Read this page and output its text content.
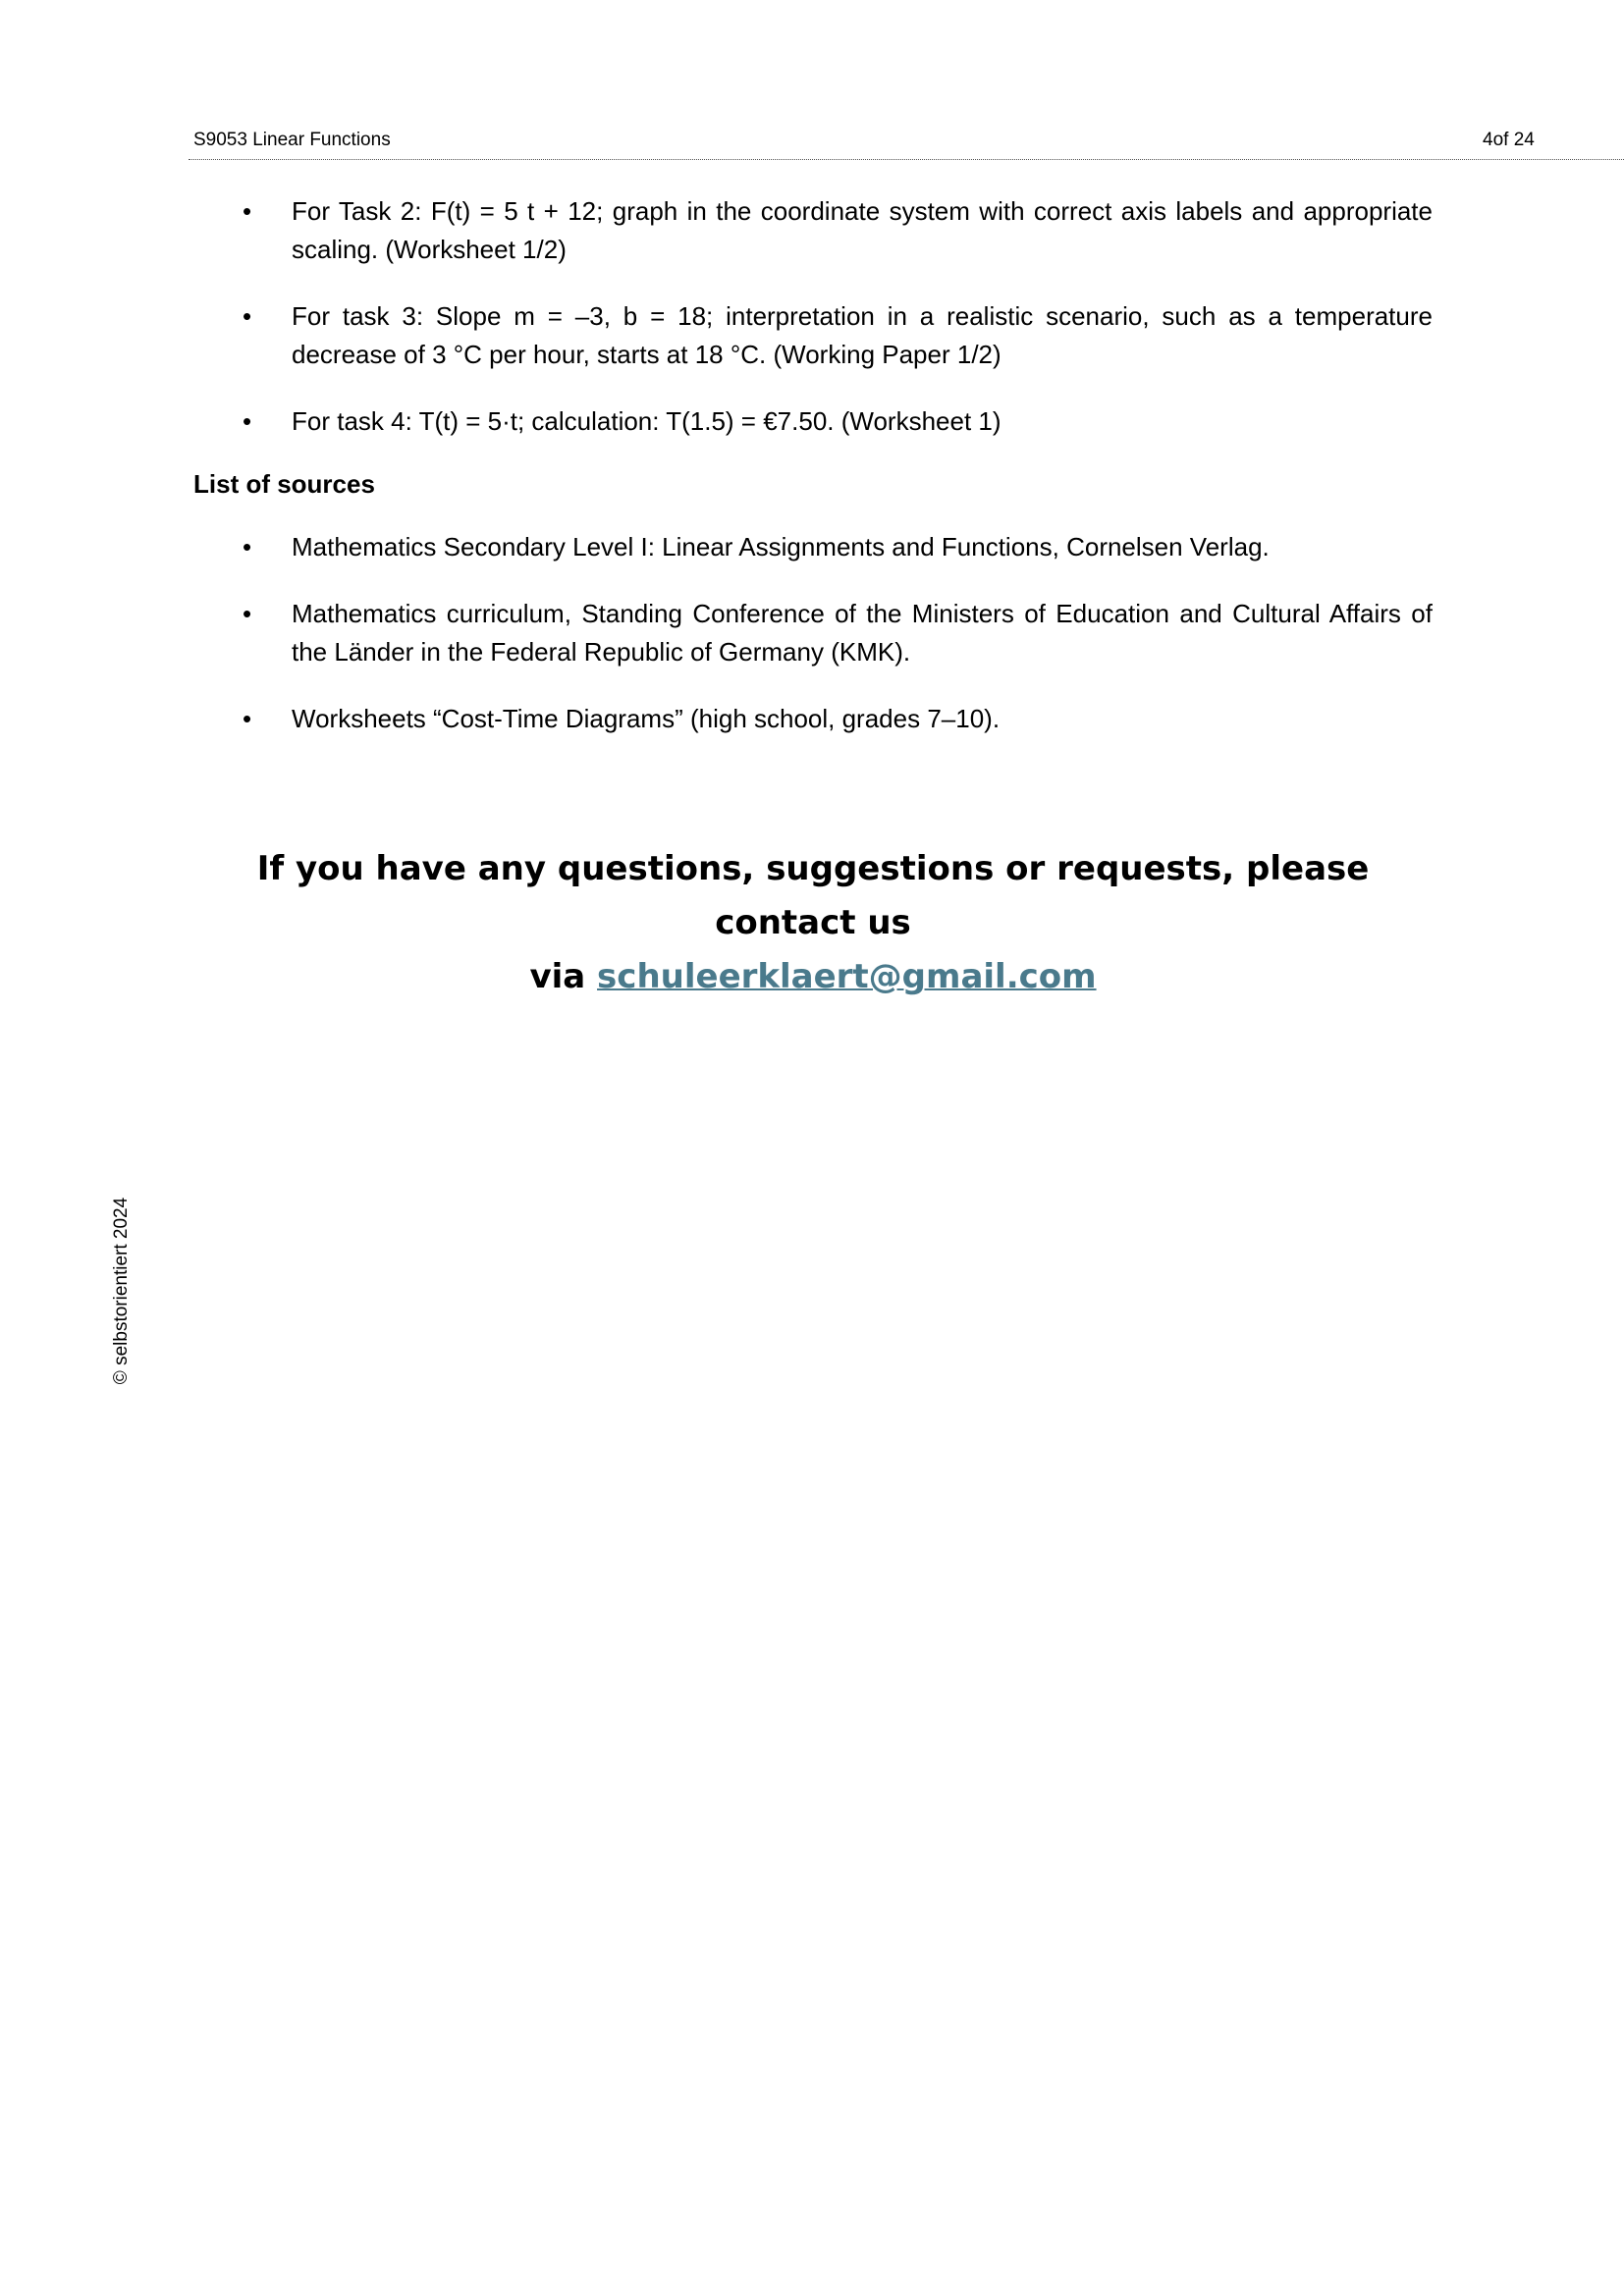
S9053 Linear Functions	4of 24
• For Task 2: F(t) = 5 t + 12; graph in the coordinate system with correct axis labels and appropriate scaling. (Worksheet 1/2)
• For task 3: Slope m = –3, b = 18; interpretation in a realistic scenario, such as a temperature decrease of 3 °C per hour, starts at 18 °C. (Working Paper 1/2)
• For task 4: T(t) = 5·t; calculation: T(1.5) = €7.50. (Worksheet 1)
List of sources
• Mathematics Secondary Level I: Linear Assignments and Functions, Cornelsen Verlag.
• Mathematics curriculum, Standing Conference of the Ministers of Education and Cultural Affairs of the Länder in the Federal Republic of Germany (KMK).
• Worksheets “Cost-Time Diagrams” (high school, grades 7–10).
If you have any questions, suggestions or requests, please contact us
via schuleerklaert@gmail.com
© selbstorientiert 2024
